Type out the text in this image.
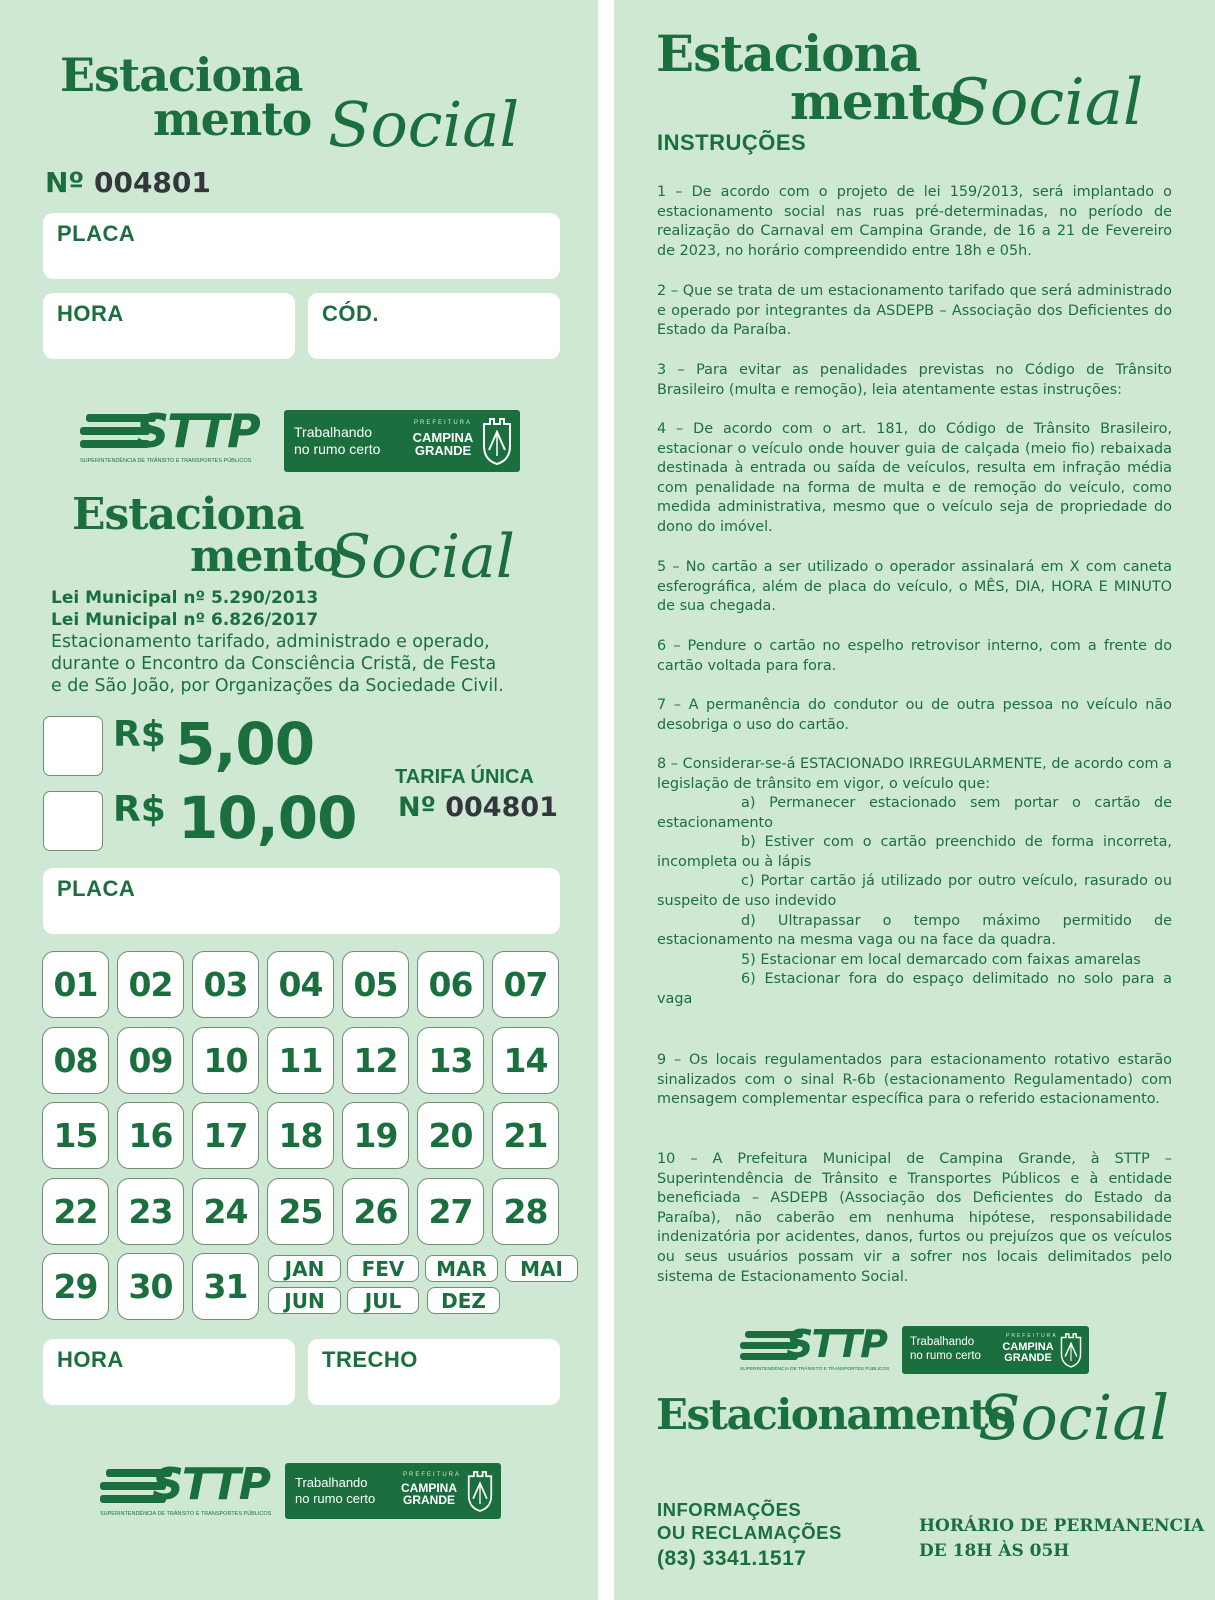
Estaciona
mento Social
Nº 004801
PLACA
HORA	CÓD.
STTP
SUPERINTENDÊNCIA DE TRÂNSITO E TRANSPORTES PÚBLICOS
Trabalhando
no rumo certo
PREFEITURA
CAMPINA
GRANDE
Estaciona
mento
Social
Lei Municipal nº 5.290/2013
Lei Municipal nº 6.826/2017
Estacionamento tarifado, administrado e operado,
durante o Encontro da Consciência Cristã, de Festa
e de São João, por Organizações da Sociedade Civil.
R$ 5,00
R$ 10,00
TARIFA ÚNICA
Nº 004801
PLACA
01 02 03 04 05 06 07
08 09 10 11 12 13 14
15 16 17 18 19 20 21
22 23 24 25 26 27 28
29 30 31	JAN	FEV	MAR	MAI
JUN	JUL	DEZ
HORA	TRECHO
STTP
SUPERINTENDÊNCIA DE TRÂNSITO E TRANSPORTES PÚBLICOS
Trabalhando
no rumo certo
PREFEITURA
CAMPINA
GRANDE
Estaciona
mento
Social
INSTRUÇÕES
1 – De acordo com o projeto de lei 159/2013, será implantado o estacionamento social nas ruas pré-determinadas, no período de realização do Carnaval em Campina Grande, de 16 a 21 de Fevereiro de 2023, no horário compreendido entre 18h e 05h.
2 – Que se trata de um estacionamento tarifado que será administrado e operado por integrantes da ASDEPB – Associação dos Deficientes do Estado da Paraíba.
3 – Para evitar as penalidades previstas no Código de Trânsito Brasileiro (multa e remoção), leia atentamente estas instruções:
4 – De acordo com o art. 181, do Código de Trânsito Brasileiro, estacionar o veículo onde houver guia de calçada (meio fio) rebaixada destinada à entrada ou saída de veículos, resulta em infração média com penalidade na forma de multa e de remoção do veículo, como medida administrativa, mesmo que o veículo seja de propriedade do dono do imóvel.
5 – No cartão a ser utilizado o operador assinalará em X com caneta esferográfica, além de placa do veículo, o MÊS, DIA, HORA E MINUTO de sua chegada.
6 – Pendure o cartão no espelho retrovisor interno, com a frente do cartão voltada para fora.
7 – A permanência do condutor ou de outra pessoa no veículo não desobriga o uso do cartão.
8 – Considerar-se-á ESTACIONADO IRREGULARMENTE, de acordo com a legislação de trânsito em vigor, o veículo que:

a) Permanecer estacionado sem portar o cartão de estacionamento

b) Estiver com o cartão preenchido de forma incorreta, incompleta ou à lápis

c) Portar cartão já utilizado por outro veículo, rasurado ou suspeito de uso indevido

d) Ultrapassar o tempo máximo permitido de estacionamento na mesma vaga ou na face da quadra.

5) Estacionar em local demarcado com faixas amarelas

6) Estacionar fora do espaço delimitado no solo para a vaga

9 – Os locais regulamentados para estacionamento rotativo estarão sinalizados com o sinal R-6b (estacionamento Regulamentado) com mensagem complementar específica para o referido estacionamento.
10 – A Prefeitura Municipal de Campina Grande, à STTP – Superintendência de Trânsito e Transportes Públicos e à entidade beneficiada – ASDEPB (Associação dos Deficientes do Estado da Paraíba), não caberão em nenhuma hipótese, responsabilidade indenizatória por acidentes, danos, furtos ou prejuízos que os veículos ou seus usuários possam vir a sofrer nos locais delimitados pelo sistema de Estacionamento Social.
STTP
SUPERINTENDÊNCIA DE TRÂNSITO E TRANSPORTES PÚBLICOS
Trabalhando
no rumo certo
PREFEITURA
CAMPINA
GRANDE
Estacionamento
Social
INFORMAÇÕES
OU RECLAMAÇÕES
(83) 3341.1517
HORÁRIO DE PERMANENCIA
DE 18H ÀS 05H
